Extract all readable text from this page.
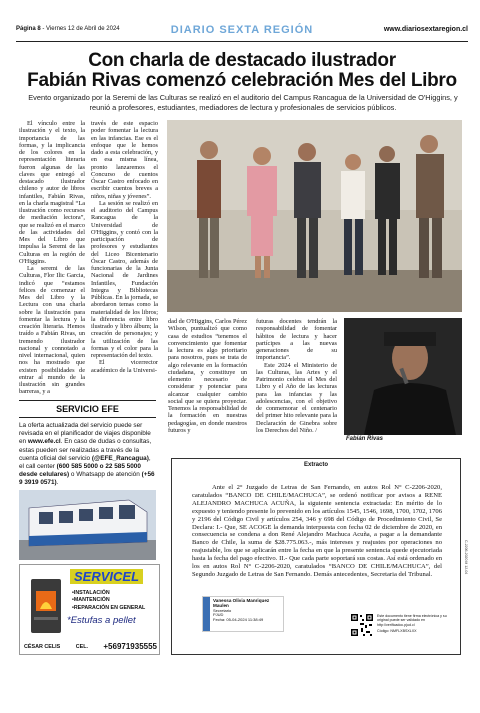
Página 8 - Viernes 12 de Abril de 2024	DIARIO SEXTA REGIÓN	www.diariosextaregion.cl
Con charla de destacado ilustrador
Fabián Rivas comenzó celebración Mes del Libro
Evento organizado por la Seremi de las Culturas se realizó en el auditorio del Campus Rancagua de la Universidad de O'Higgins, y reunió a profesores, estudiantes, mediadores de lectura y profesionales de servicios públicos.

El vínculo entre la ilustración y el texto, la importancia de las formas, y la implicancia de los colores en la representación literaria fueron algunas de las claves que entregó el destacado ilustrador chileno y autor de libros infantiles, Fabián Rivas, en la charla magistral “La ilustración como recursos de mediación lectora”, que se realizó en el marco de las actividades del Mes del Libro que impulsa la Seremi de las Culturas en la región de O'Higgins.

La seremi de las Culturas, Flor Ilic Garcia, indicó que “estamos felices de comenzar el Mes del Libro y la Lectura con una charla sobre la ilustración para fomentar la lectura y la creación literaria. Hemos traído a Fabián Rivas, un tremendo ilustrador nacional y connotado a nivel internacional, quien nos ha mostrado que existen posibilidades de entrar al mundo de la ilustración sin grandes barreras, y a

través de este espacio poder fomentar la lectura en las infancias. Ese es el enfoque que le hemos dado a esta celebración, y en esa misma línea, pronto lanzaremos el Concurso de cuentos Óscar Castro enfocado en escribir cuentos breves a niños, niñas y jóvenes”.

La sesión se realizó en el auditorio del Campus Rancagua de la Universidad de O'Higgins, y contó con la participación de profesores y estudiantes del Liceo Bicentenario Óscar Castro, además de funcionarias de la Junta Nacional de Jardines Infantiles, Fundación Integra y Bibliotecas Públicas. En la jornada, se abordaron temas como la materialidad de los libros; la diferencia entre libro ilustrado y libro álbum; la creación de personajes; y la utilización de las formas y el color para la representación del texto.

El vicerrector académico de la Universi-

dad de O'Higgins, Carlos Pérez Wilson, puntualizó que como casa de estudios “tenemos el convencimiento que fomentar la lectura es algo prioritario para nosotros, pues se trata de algo relevante en la formación ciudadana, y constituye un elemento necesario de considerar y potenciar para alcanzar cualquier cambio social que se quiera proyectar. Tenemos la responsabilidad de la formación en nuestras pedagogías, en donde nuestros futuros y

futuras docentes tendrán la responsabilidad de fomentar hábitos de lectura y hacer partícipes a las nuevas generaciones de su importancia”.

Este 2024 el Ministerio de las Culturas, las Artes y el Patrimonio celebra el Mes del Libro y el Año de las lecturas para las infancias y las adolescencias, con el objetivo de conmemorar el centenario del primer hito relevante para la Declaración de Ginebra sobre los Derechos del Niño. /

Fabián Rivas
SERVICIO EFE
La oferta actualizada del servicio puede ser revisada en el planificador de viajes disponible en www.efe.cl. En caso de dudas o consultas, estas pueden ser realizadas a través de la cuenta oficial del servicio (@EFE_Rancagua), el call center (600 585 5000 o 22 585 5000 desde celulares) o Whatsapp de atención (+56 9 3919 0571).
SERVICEL
•INSTALACIÓN
•MANTENCIÓN
•REPARACIÓN EN GENERAL
*Estufas a pellet
CÉSAR CELIS	CEL. +56971935555
Extracto

Ante el 2° Juzgado de Letras de San Fernando, en autos Rol N° C-2206-2020, caratulados “BANCO DE CHILE/MACHUCA”, se ordenó notificar por avisos a RENE ALEJANDRO MACHUCA ACUÑA, la siguiente sentencia extractada: En mérito de lo expuesto y teniendo presente lo prevenido en los artículos 1545, 1546, 1698, 1700, 1702, 1706 y 2196 del Código Civil y artículos 254, 346 y 698 del Código de Procedimiento Civil, Se Declara: I.- Que, SE ACOGE la demanda interpuesta con fecha 02 de diciembre de 2020, en consecuencia se condena a don René Alejandro Machuca Acuña, a pagar a la demandante Banco de Chile, la suma de $28.775.063.-, más intereses y reajustes por operaciones no reajustable, los que se aplicarán entre la fecha en que la presente sentencia quede ejecutoriada hasta la fecha del pago efectivo. II.- Que cada parte soportará sus costas. Así está ordenado en los en autos Rol N° C-2206-2020, caratulados “BANCO DE CHILE/MACHUCA”, del Segundo Juzgado de Letras de San Fernando. Demás antecedentes, Secretaria del Tribunal.

Vanessa Olivia Manriquez Maulen
Secretario
PJUD
Fecha: 05-04-2024 11:38:49
Este documento tiene firma electrónica y su original puede ser validado en http://verificadoc.pjud.cl
Código: NMFLXBSXLXX
C-2206-2020 M 12-04
